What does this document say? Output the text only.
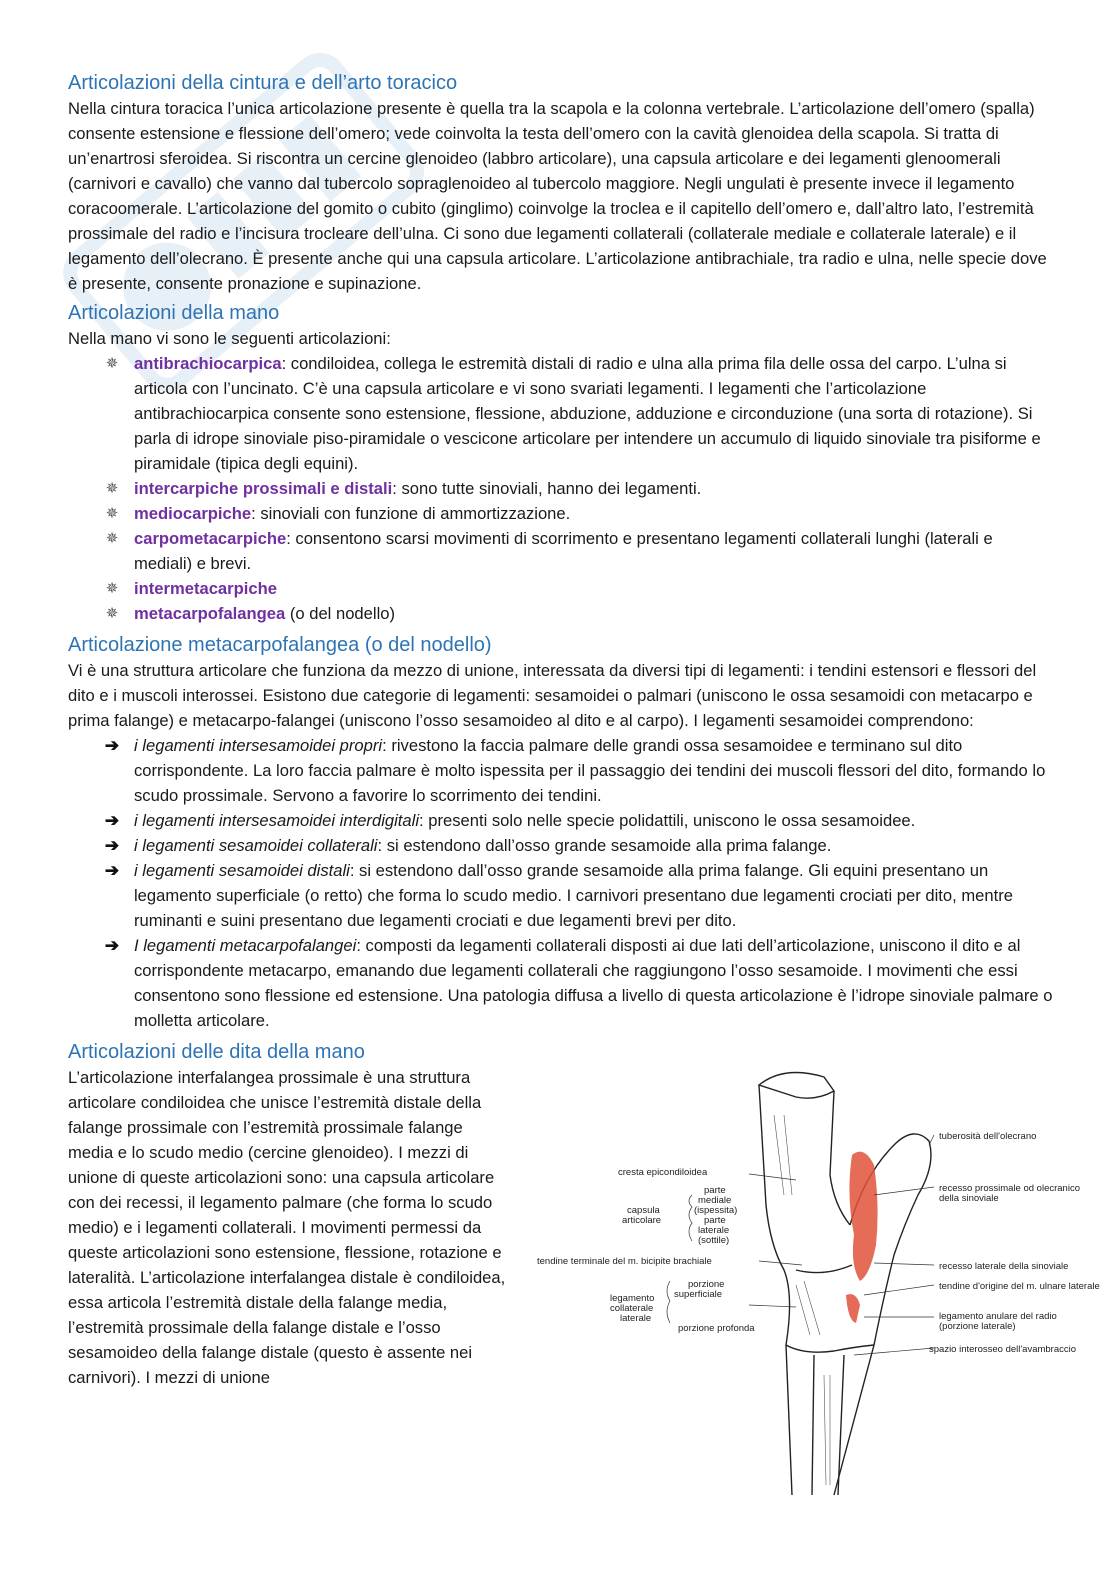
Articolazioni della cintura e dell’arto toracico

Nella cintura toracica l’unica articolazione presente è quella tra la scapola e la colonna vertebrale. L’articolazione dell’omero (spalla) consente estensione e flessione dell’omero; vede coinvolta la testa dell’omero con la cavità glenoidea della scapola. Si tratta di un’enartrosi sferoidea. Si riscontra un cercine glenoideo (labbro articolare), una capsula articolare e dei legamenti glenoomerali (carnivori e cavallo) che vanno dal tubercolo sopraglenoideo al tubercolo maggiore. Negli ungulati è presente invece il legamento coracoomerale. L’articolazione del gomito o cubito (ginglimo) coinvolge la troclea e il capitello dell’omero e, dall’altro lato, l’estremità prossimale del radio e l’incisura trocleare dell’ulna. Ci sono due legamenti collaterali (collaterale mediale e collaterale laterale) e il legamento dell’olecrano. È presente anche qui una capsula articolare. L’articolazione antibrachiale, tra radio e ulna, nelle specie dove è presente, consente pronazione e supinazione.

Articolazioni della mano

Nella mano vi sono le seguenti articolazioni:

✵ antibrachiocarpica: condiloidea, collega le estremità distali di radio e ulna alla prima fila delle ossa del carpo. L’ulna si articola con l’uncinato. C’è una capsula articolare e vi sono svariati legamenti. I legamenti che l’articolazione antibrachiocarpica consente sono estensione, flessione, abduzione, adduzione e circonduzione (una sorta di rotazione). Si parla di idrope sinoviale piso-piramidale o vescicone articolare per intendere un accumulo di liquido sinoviale tra pisiforme e piramidale (tipica degli equini).
✵ intercarpiche prossimali e distali: sono tutte sinoviali, hanno dei legamenti.
✵ mediocarpiche: sinoviali con funzione di ammortizzazione.
✵ carpometacarpiche: consentono scarsi movimenti di scorrimento e presentano legamenti collaterali lunghi (laterali e mediali) e brevi.
✵ intermetacarpiche
✵ metacarpofalangea (o del nodello)
Articolazione metacarpofalangea (o del nodello)

Vi è una struttura articolare che funziona da mezzo di unione, interessata da diversi tipi di legamenti: i tendini estensori e flessori del dito e i muscoli interossei. Esistono due categorie di legamenti: sesamoidei o palmari (uniscono le ossa sesamoidi con metacarpo e prima falange) e metacarpo-falangei (uniscono l’osso sesamoideo al dito e al carpo). I legamenti sesamoidei comprendono:

➔ i legamenti intersesamoidei propri: rivestono la faccia palmare delle grandi ossa sesamoidee e terminano sul dito corrispondente. La loro faccia palmare è molto ispessita per il passaggio dei tendini dei muscoli flessori del dito, formando lo scudo prossimale. Servono a favorire lo scorrimento dei tendini.
➔ i legamenti intersesamoidei interdigitali: presenti solo nelle specie polidattili, uniscono le ossa sesamoidee.
➔ i legamenti sesamoidei collaterali: si estendono dall’osso grande sesamoide alla prima falange.
➔ i legamenti sesamoidei distali: si estendono dall’osso grande sesamoide alla prima falange. Gli equini presentano un legamento superficiale (o retto) che forma lo scudo medio. I carnivori presentano due legamenti crociati per dito, mentre ruminanti e suini presentano due legamenti crociati e due legamenti brevi per dito.
➔ I legamenti metacarpofalangei: composti da legamenti collaterali disposti ai due lati dell’articolazione, uniscono il dito e al corrispondente metacarpo, emanando due legamenti collaterali che raggiungono l’osso sesamoide. I movimenti che essi consentono sono flessione ed estensione. Una patologia diffusa a livello di questa articolazione è l’idrope sinoviale palmare o molletta articolare.
Articolazioni delle dita della mano

L’articolazione interfalangea prossimale è una struttura articolare condiloidea che unisce l’estremità distale della falange prossimale con l’estremità prossimale falange media e lo scudo medio (cercine glenoideo). I mezzi di unione di queste articolazioni sono: una capsula articolare con dei recessi, il legamento palmare (che forma lo scudo medio) e i legamenti collaterali. I movimenti permessi da queste articolazioni sono estensione, flessione, rotazione e lateralità. L’articolazione interfalangea distale è condiloidea, essa articola l’estremità distale della falange media, l’estremità prossimale della falange distale e l’osso sesamoideo della falange distale (questo è assente nei carnivori). I mezzi di unione

cresta epicondiloidea
parte
mediale
(ispessita)
capsula
articolare	parte
laterale
(sottile)
tendine terminale del m. bicipite brachiale
porzione
superficiale
legamento
collaterale
laterale
porzione profonda
tuberosità dell'olecrano
recesso prossimale od olecranico
della sinoviale
recesso laterale della sinoviale
tendine d'origine del m. ulnare laterale
legamento anulare del radio
(porzione laterale)
spazio interosseo dell'avambraccio
